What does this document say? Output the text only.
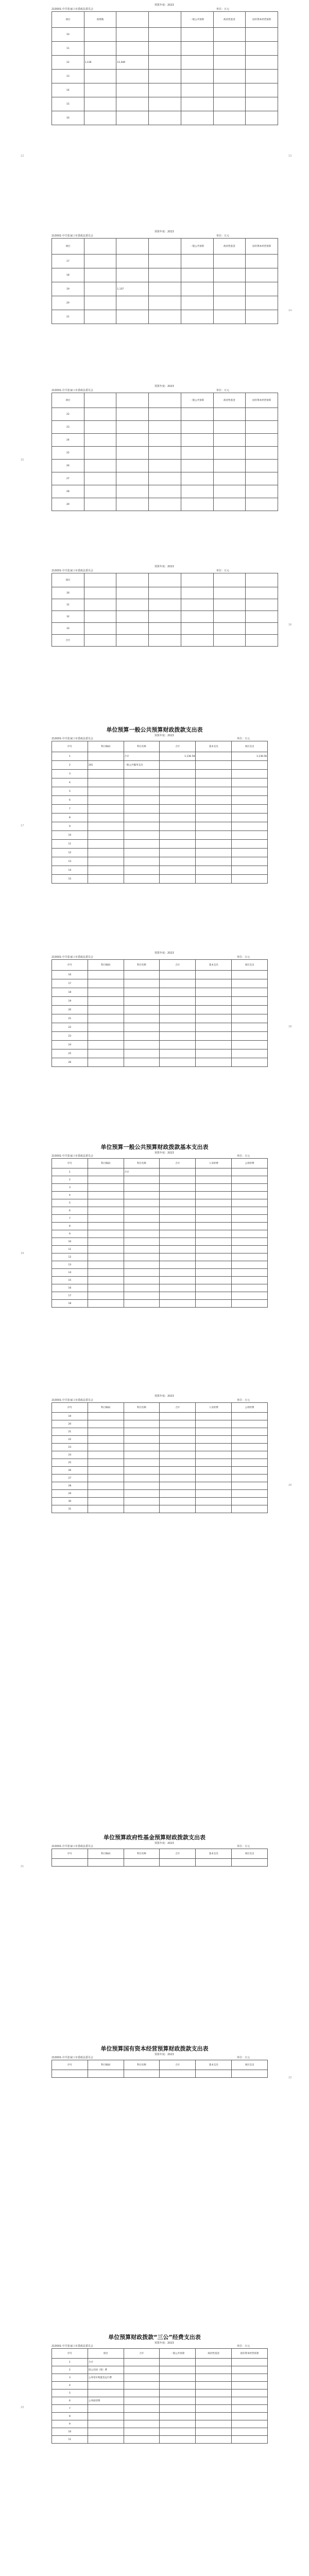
210001-中共张家口市委政法委员会
预算年度：2023
单位：万元
项目	预算数			一般公共预算	政府性基金	国有资本经营预算
10						
11						
12	1,136	11,046				
13						
14						
15						
16						
12	13
210001-中共张家口市委政法委员会
预算年度：2023
单位：万元
项目				一般公共预算	政府性基金	国有资本经营预算
17						
18						
19		1,137				
20						
21						
14
210001-中共张家口市委政法委员会
预算年度：2023
单位：万元
项目				一般公共预算	政府性基金	国有资本经营预算
22						
23						
24						
25						
26						
27						
28						
29						
15
210001-中共张家口市委政法委员会
预算年度：2023
单位：万元
项目						
30						
31						
32						
33						
合计						
16
单位预算一般公共预算财政拨款支出表
210001-中共张家口市委政法委员会
预算年度：2023
单位：万元
序号	科目编码	科目名称	合计	基本支出	项目支出
1		合计	1,136.58		1,136.58
2	201	一般公共服务支出			
3					
4					
5					
6					
7					
8					
9					
10					
11					
12					
13					
14					
15					
17
210001-中共张家口市委政法委员会
预算年度：2023
单位：万元
序号	科目编码	科目名称	合计	基本支出	项目支出
16					
17					
18					
19					
20					
21					
22					
23					
24					
25					
26					
18
单位预算一般公共预算财政拨款基本支出表
210001-中共张家口市委政法委员会
预算年度：2023
单位：万元
序号	科目编码	科目名称	合计	人员经费	公用经费
1		合计			
2					
3					
4					
5					
6					
7					
8					
9					
10					
11					
12					
13					
14					
15					
16					
17					
18					
19
210001-中共张家口市委政法委员会
预算年度：2023
单位：万元
序号	科目编码	科目名称	合计	人员经费	公用经费
19					
20					
21					
22					
23					
24					
25					
26					
27					
28					
29					
30					
31					
20
单位预算政府性基金预算财政拨款支出表
210001-中共张家口市委政法委员会
预算年度：2023
单位：万元
序号	科目编码	科目名称	合计	基本支出	项目支出

21
单位预算国有资本经营预算财政拨款支出表
210001-中共张家口市委政法委员会
预算年度：2023
单位：万元
序号	科目编码	科目名称	合计	基本支出	项目支出

22
单位预算财政拨款“三公”经费支出表
210001-中共张家口市委政法委员会
预算年度：2023
单位：万元
序号	项目	合计	一般公共预算	政府性基金	国有资本经营预算
1	合计				
2	因公出国（境）费				
3	公务用车购置及运行费				
4					
5					
6	公务接待费				
7					
8					
9					
10					
11					
23
